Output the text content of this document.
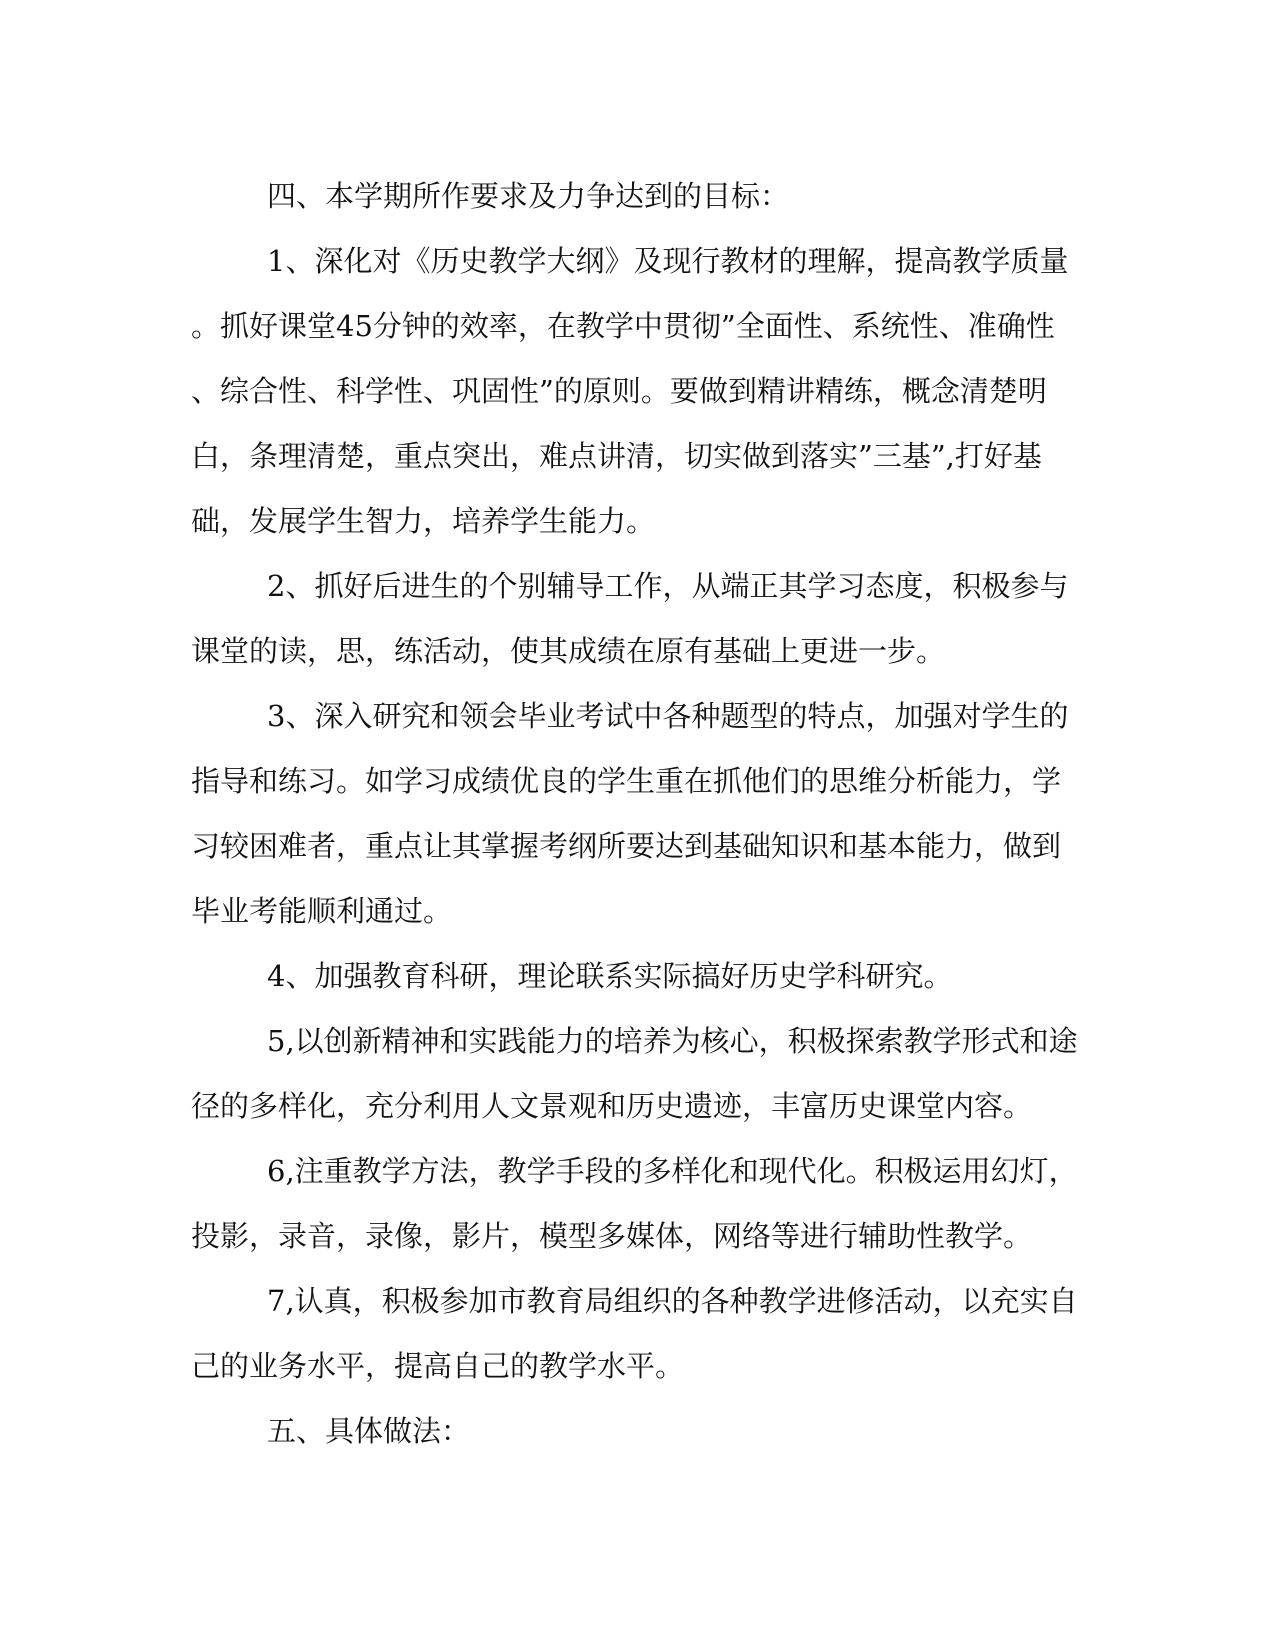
四、本学期所作要求及力争达到的目标：
1、深化对《历史教学大纲》及现行教材的理解，提高教学质量
。抓好课堂45分钟的效率，在教学中贯彻”全面性、系统性、准确性
、综合性、科学性、巩固性”的原则。要做到精讲精练，概念清楚明
白，条理清楚，重点突出，难点讲清，切实做到落实”三基”,打好基
础，发展学生智力，培养学生能力。
2、抓好后进生的个别辅导工作，从端正其学习态度，积极参与
课堂的读，思，练活动，使其成绩在原有基础上更进一步。
3、深入研究和领会毕业考试中各种题型的特点，加强对学生的
指导和练习。如学习成绩优良的学生重在抓他们的思维分析能力，学
习较困难者，重点让其掌握考纲所要达到基础知识和基本能力，做到
毕业考能顺利通过。
4、加强教育科研，理论联系实际搞好历史学科研究。
5,以创新精神和实践能力的培养为核心，积极探索教学形式和途
径的多样化，充分利用人文景观和历史遗迹，丰富历史课堂内容。
6,注重教学方法，教学手段的多样化和现代化。积极运用幻灯，
投影，录音，录像，影片，模型多媒体，网络等进行辅助性教学。
7,认真，积极参加市教育局组织的各种教学进修活动，以充实自
己的业务水平，提高自己的教学水平。
五、具体做法：
